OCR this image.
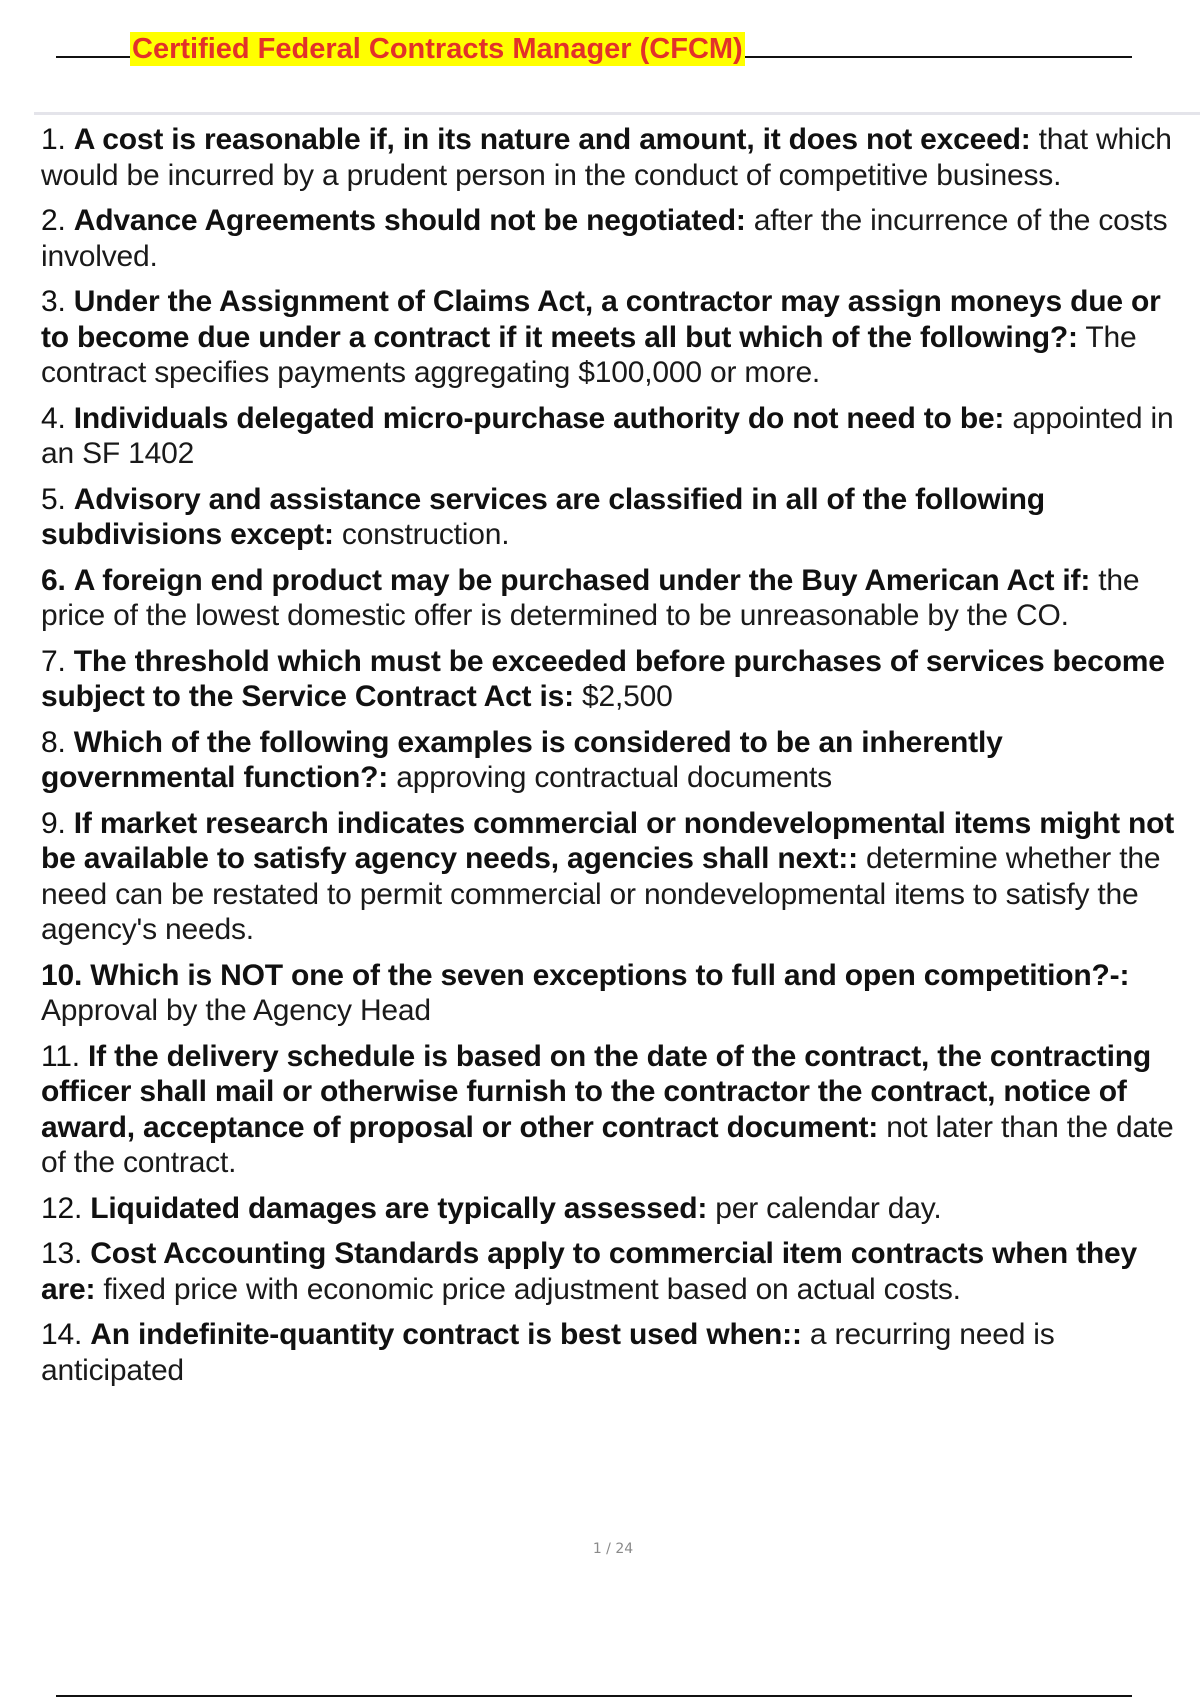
Certified Federal Contracts Manager (CFCM)
1. A cost is reasonable if, in its nature and amount, it does not exceed: that which would be incurred by a prudent person in the conduct of competitive business.
2. Advance Agreements should not be negotiated: after the incurrence of the costs involved.
3. Under the Assignment of Claims Act, a contractor may assign moneys due or to become due under a contract if it meets all but which of the following?: The contract specifies payments aggregating $100,000 or more.
4. Individuals delegated micro-purchase authority do not need to be: appointed in an SF 1402
5. Advisory and assistance services are classified in all of the following subdivisions except: construction.
6. A foreign end product may be purchased under the Buy American Act if: the price of the lowest domestic offer is determined to be unreasonable by the CO.
7. The threshold which must be exceeded before purchases of services become subject to the Service Contract Act is: $2,500
8. Which of the following examples is considered to be an inherently governmental function?: approving contractual documents
9. If market research indicates commercial or nondevelopmental items might not be available to satisfy agency needs, agencies shall next:: determine whether the need can be restated to permit commercial or nondevelopmental items to satisfy the agency's needs.
10. Which is NOT one of the seven exceptions to full and open competition?-: Approval by the Agency Head
11. If the delivery schedule is based on the date of the contract, the contracting officer shall mail or otherwise furnish to the contractor the contract, notice of award, acceptance of proposal or other contract document: not later than the date of the contract.
12. Liquidated damages are typically assessed: per calendar day.
13. Cost Accounting Standards apply to commercial item contracts when they are: fixed price with economic price adjustment based on actual costs.
14. An indefinite-quantity contract is best used when:: a recurring need is anticipated
1 / 24
